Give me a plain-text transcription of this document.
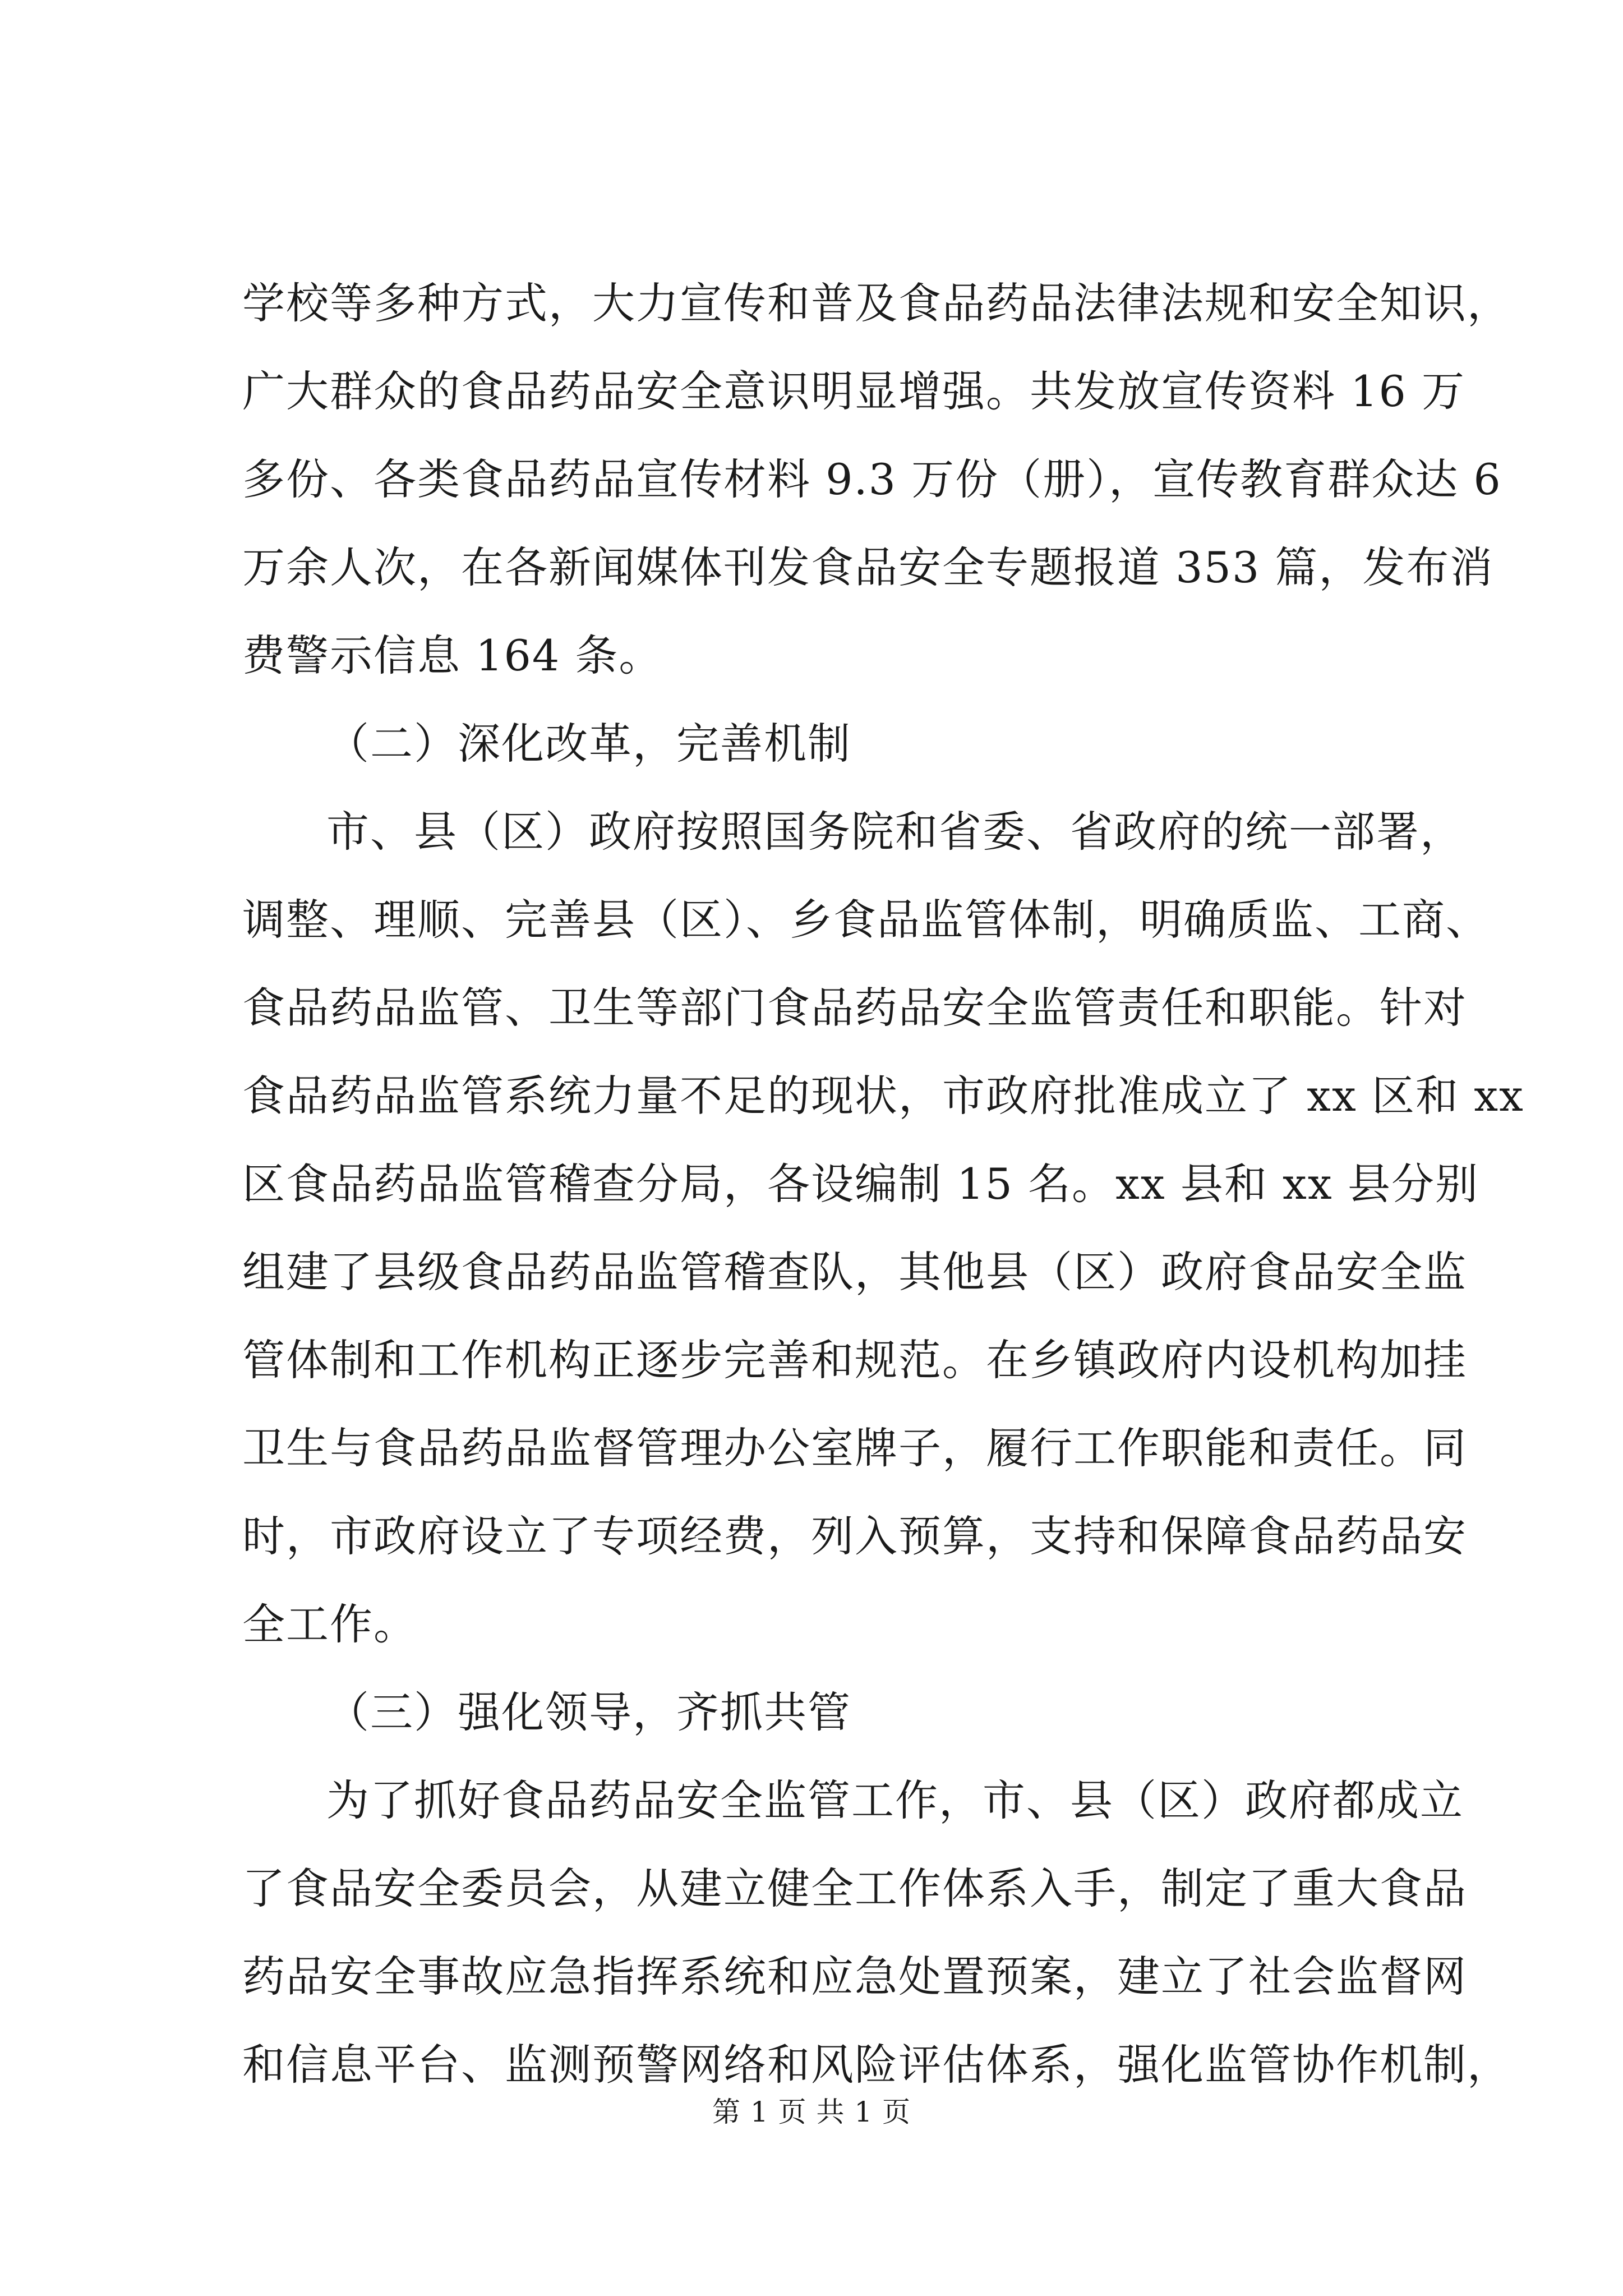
学校等多种方式，大力宣传和普及食品药品法律法规和安全知识，
广大群众的食品药品安全意识明显增强。共发放宣传资料 16 万
多份、各类食品药品宣传材料 9.3 万份（册），宣传教育群众达 6
万余人次，在各新闻媒体刊发食品安全专题报道 353 篇，发布消
费警示信息 164 条。
（二）深化改革，完善机制
市、县（区）政府按照国务院和省委、省政府的统一部署，
调整、理顺、完善县（区）、乡食品监管体制，明确质监、工商、
食品药品监管、卫生等部门食品药品安全监管责任和职能。针对
食品药品监管系统力量不足的现状，市政府批准成立了 xx 区和 xx
区食品药品监管稽查分局，各设编制 15 名。xx 县和 xx 县分别
组建了县级食品药品监管稽查队，其他县（区）政府食品安全监
管体制和工作机构正逐步完善和规范。在乡镇政府内设机构加挂
卫生与食品药品监督管理办公室牌子，履行工作职能和责任。同
时，市政府设立了专项经费，列入预算，支持和保障食品药品安
全工作。
（三）强化领导，齐抓共管
为了抓好食品药品安全监管工作，市、县（区）政府都成立
了食品安全委员会，从建立健全工作体系入手，制定了重大食品
药品安全事故应急指挥系统和应急处置预案，建立了社会监督网
和信息平台、监测预警网络和风险评估体系，强化监管协作机制，
第 1 页 共 1 页
